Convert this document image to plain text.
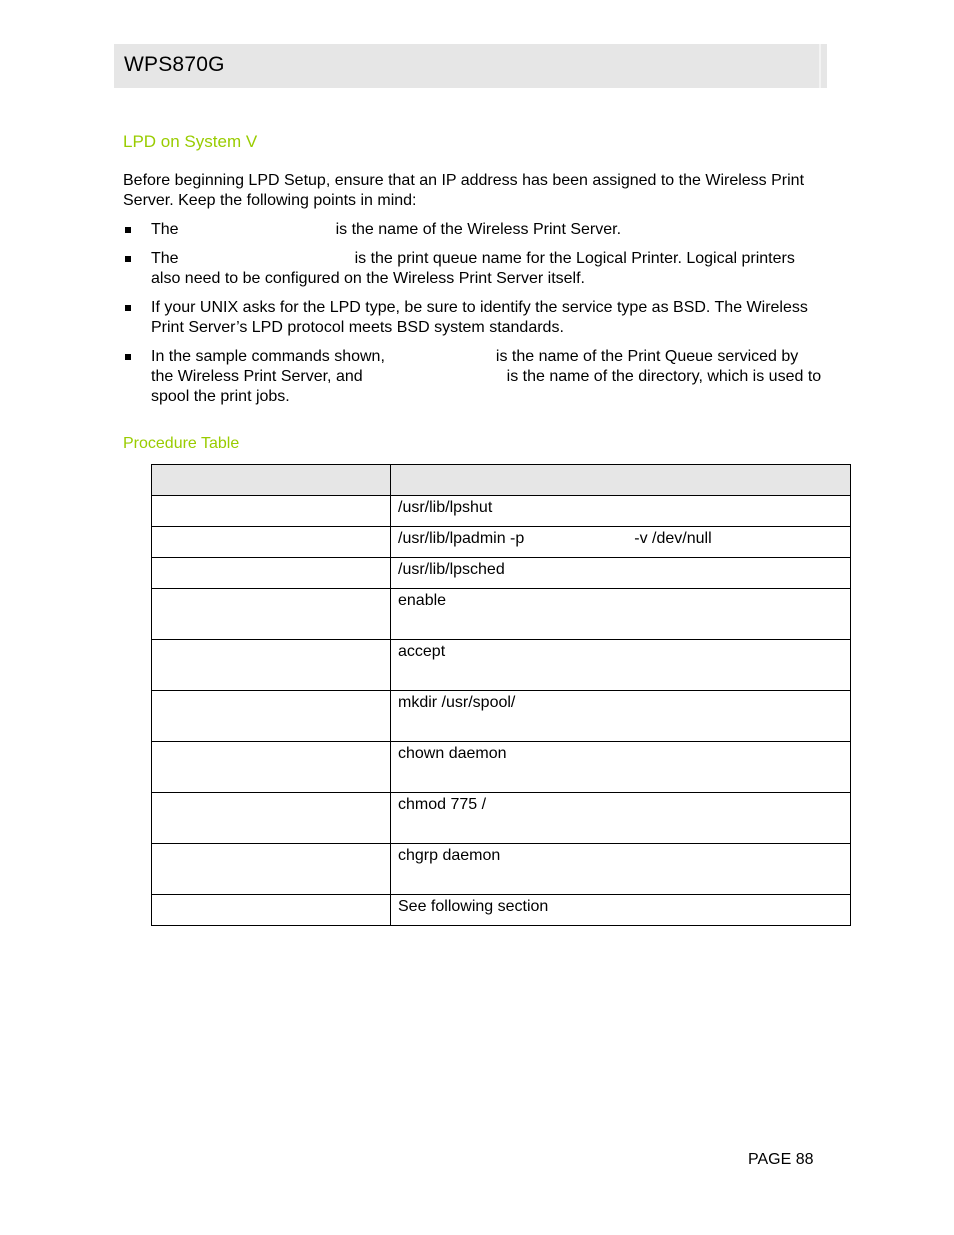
WPS870G
LPD on System V
Before beginning LPD Setup, ensure that an IP address has been assigned to the Wireless Print Server. Keep the following points in mind:
The	is the name of the Wireless Print Server.
The	is the print queue name for the Logical Printer. Logical printers also need to be configured on the Wireless Print Server itself.
If your UNIX asks for the LPD type, be sure to identify the service type as BSD. The Wireless Print Server’s LPD protocol meets BSD system standards.
In the sample commands shown,	is the name of the Print Queue serviced by the Wireless Print Server, and	is the name of the directory, which is used to spool the print jobs.
Procedure Table

	/usr/lib/lpshut

	/usr/lib/lpadmin -p -v /dev/null

	/usr/lib/lpsched

	enable

	accept

	mkdir /usr/spool/

	chown daemon

	chmod 775 /

	chgrp daemon

	See following section
PAGE 88
